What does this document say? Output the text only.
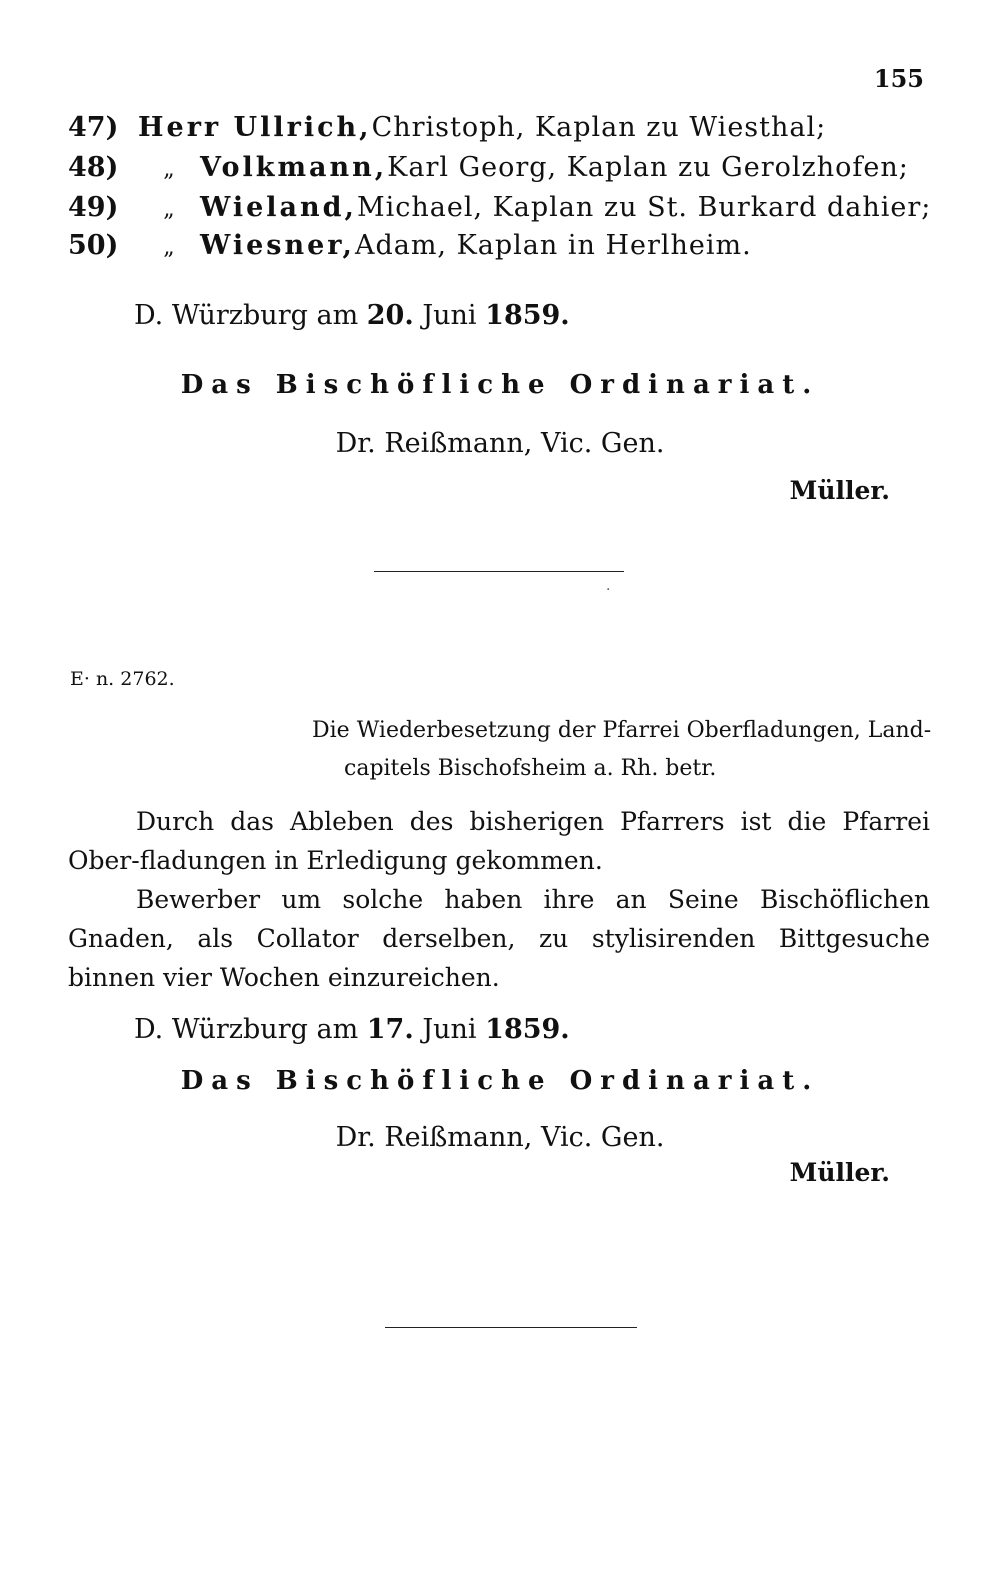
155
47) Herr Ullrich, Christoph, Kaplan zu Wiesthal;
48)	„ Volkmann, Karl Georg, Kaplan zu Gerolzhofen;
49)	„ Wieland, Michael, Kaplan zu St. Burkard dahier;
50)	„ Wiesner, Adam, Kaplan in Herlheim.
D. Würzburg am 20. Juni 1859.
Das Bischöfliche Ordinariat.
Dr. Reißmann, Vic. Gen.
Müller.
·
E· n. 2762.
Die Wiederbesetzung der Pfarrei Oberfladungen, Land-
capitels Bischofsheim a. Rh. betr.

Durch das Ableben des bisherigen Pfarrers ist die Pfarrei Ober-fladungen in Erledigung gekommen.

Bewerber um solche haben ihre an Seine Bischöflichen Gnaden, als Collator derselben, zu stylisirenden Bittgesuche binnen vier Wochen einzureichen.

D. Würzburg am 17. Juni 1859.
Das Bischöfliche Ordinariat.
Dr. Reißmann, Vic. Gen.
Müller.
